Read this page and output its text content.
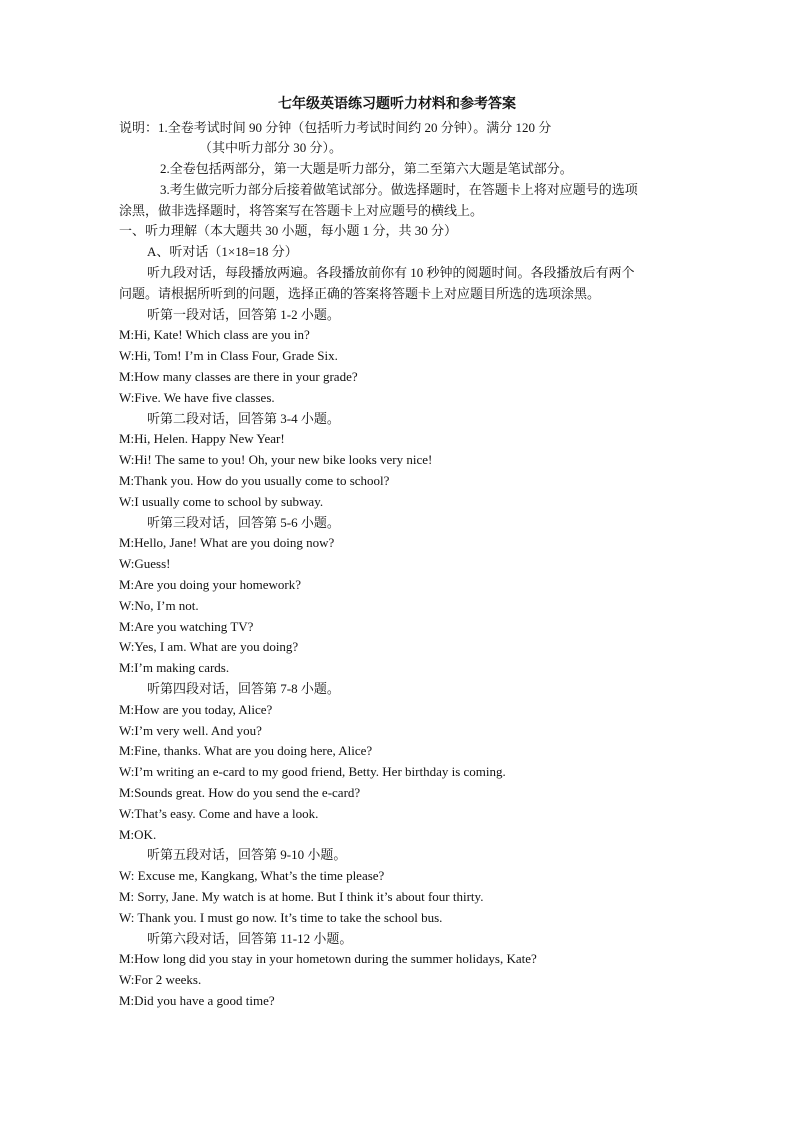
七年级英语练习题听力材料和参考答案
说明：1.全卷考试时间 90 分钟（包括听力考试时间约 20 分钟）。满分 120 分
（其中听力部分 30 分）。
2.全卷包括两部分，第一大题是听力部分，第二至第六大题是笔试部分。
3.考生做完听力部分后接着做笔试部分。做选择题时，在答题卡上将对应题号的选项
涂黑，做非选择题时，将答案写在答题卡上对应题号的横线上。
一、听力理解（本大题共 30 小题，每小题 1 分，共 30 分）
A、听对话（1×18=18 分）
听九段对话，每段播放两遍。各段播放前你有 10 秒钟的阅题时间。各段播放后有两个
问题。请根据所听到的问题，选择正确的答案将答题卡上对应题目所选的选项涂黑。
听第一段对话，回答第 1-2 小题。
M:Hi, Kate! Which class are you in?
W:Hi, Tom! I’m in Class Four, Grade Six.
M:How many classes are there in your grade?
W:Five. We have five classes.
听第二段对话，回答第 3-4 小题。
M:Hi, Helen. Happy New Year!
W:Hi! The same to you! Oh, your new bike looks very nice!
M:Thank you. How do you usually come to school?
W:I usually come to school by subway.
听第三段对话，回答第 5-6 小题。
M:Hello, Jane! What are you doing now?
W:Guess!
M:Are you doing your homework?
W:No, I’m not.
M:Are you watching TV?
W:Yes, I am. What are you doing?
M:I’m making cards.
听第四段对话，回答第 7-8 小题。
M:How are you today, Alice?
W:I’m very well. And you?
M:Fine, thanks. What are you doing here, Alice?
W:I’m writing an e-card to my good friend, Betty. Her birthday is coming.
M:Sounds great. How do you send the e-card?
W:That’s easy. Come and have a look.
M:OK.
听第五段对话，回答第 9-10 小题。
W: Excuse me, Kangkang, What’s the time please?
M: Sorry, Jane. My watch is at home. But I think it’s about four thirty.
W: Thank you. I must go now. It’s time to take the school bus.
听第六段对话，回答第 11-12 小题。
M:How long did you stay in your hometown during the summer holidays, Kate?
W:For 2 weeks.
M:Did you have a good time?
